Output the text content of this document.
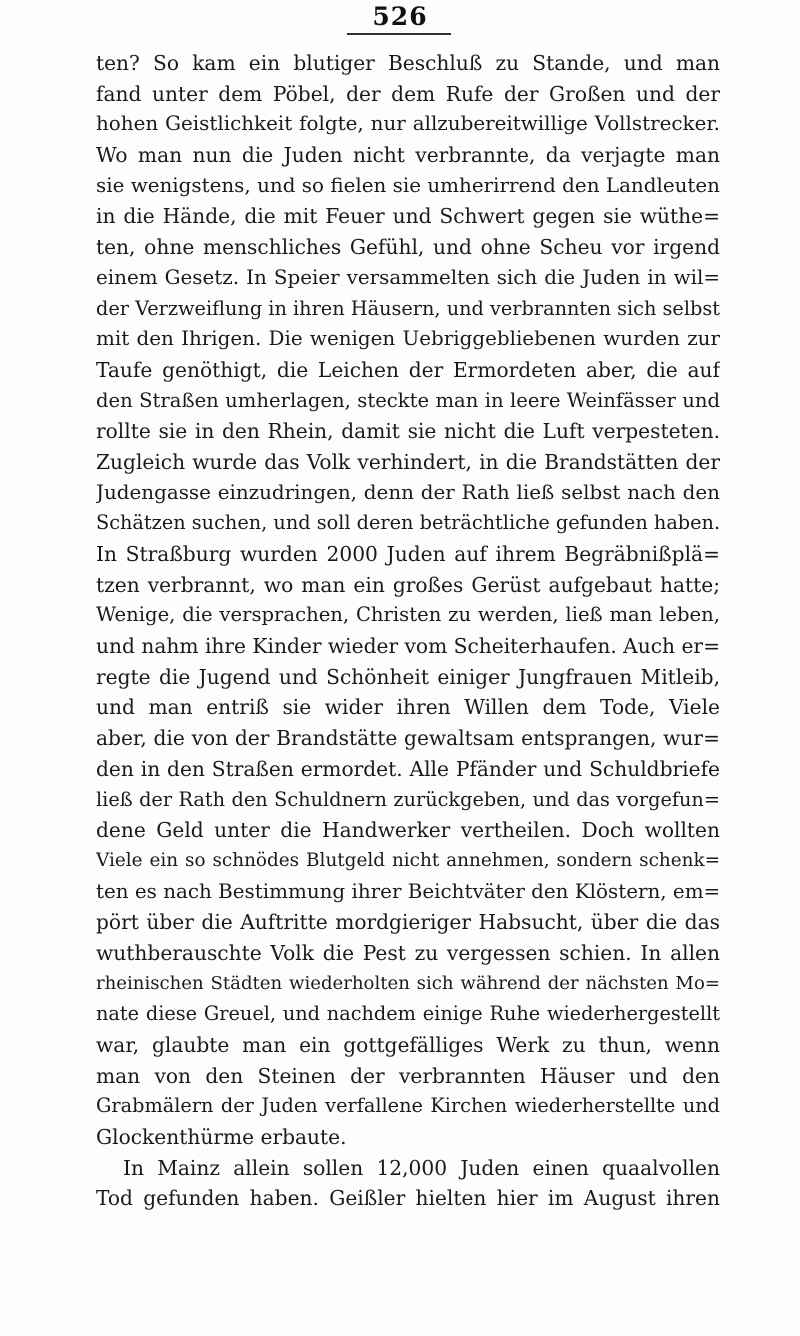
526
ten? So kam ein blutiger Beschluß zu Stande, und man
fand unter dem Pöbel, der dem Rufe der Großen und der
hohen Geistlichkeit folgte, nur allzubereitwillige Vollstrecker.
Wo man nun die Juden nicht verbrannte, da verjagte man
sie wenigstens, und so fielen sie umherirrend den Landleuten
in die Hände, die mit Feuer und Schwert gegen sie wüthe=
ten, ohne menschliches Gefühl, und ohne Scheu vor irgend
einem Gesetz. In Speier versammelten sich die Juden in wil=
der Verzweiflung in ihren Häusern, und verbrannten sich selbst
mit den Ihrigen. Die wenigen Uebriggebliebenen wurden zur
Taufe genöthigt, die Leichen der Ermordeten aber, die auf
den Straßen umherlagen, steckte man in leere Weinfässer und
rollte sie in den Rhein, damit sie nicht die Luft verpesteten.
Zugleich wurde das Volk verhindert, in die Brandstätten der
Judengasse einzudringen, denn der Rath ließ selbst nach den
Schätzen suchen, und soll deren beträchtliche gefunden haben.
In Straßburg wurden 2000 Juden auf ihrem Begräbnißplä=
tzen verbrannt, wo man ein großes Gerüst aufgebaut hatte;
Wenige, die versprachen, Christen zu werden, ließ man leben,
und nahm ihre Kinder wieder vom Scheiterhaufen. Auch er=
regte die Jugend und Schönheit einiger Jungfrauen Mitleib,
und man entriß sie wider ihren Willen dem Tode, Viele
aber, die von der Brandstätte gewaltsam entsprangen, wur=
den in den Straßen ermordet. Alle Pfänder und Schuldbriefe
ließ der Rath den Schuldnern zurückgeben, und das vorgefun=
dene Geld unter die Handwerker vertheilen. Doch wollten
Viele ein so schnödes Blutgeld nicht annehmen, sondern schenk=
ten es nach Bestimmung ihrer Beichtväter den Klöstern, em=
pört über die Auftritte mordgieriger Habsucht, über die das
wuthberauschte Volk die Pest zu vergessen schien. In allen
rheinischen Städten wiederholten sich während der nächsten Mo=
nate diese Greuel, und nachdem einige Ruhe wiederhergestellt
war, glaubte man ein gottgefälliges Werk zu thun, wenn
man von den Steinen der verbrannten Häuser und den
Grabmälern der Juden verfallene Kirchen wiederherstellte und
Glockenthürme erbaute.
In Mainz allein sollen 12,000 Juden einen quaalvollen
Tod gefunden haben. Geißler hielten hier im August ihren
